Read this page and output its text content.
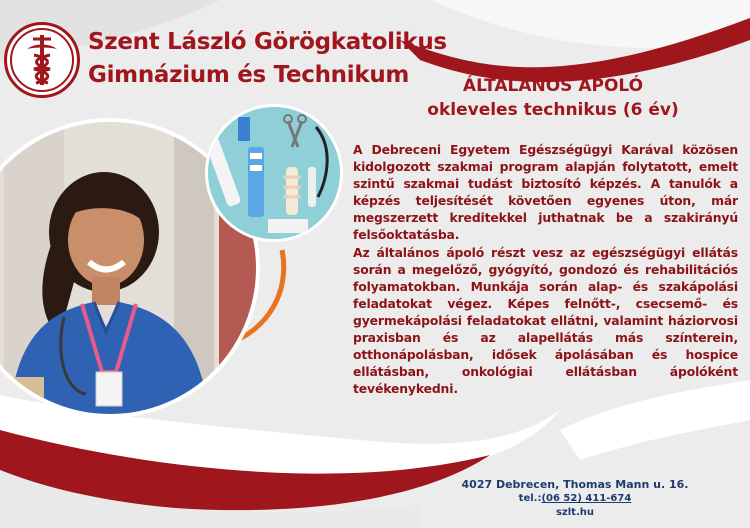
Szent László Görögkatolikus
Gimnázium és Technikum	ÁLTALÁNOS ÁPOLÓ
okleveles technikus (6 év)

A Debreceni Egyetem Egészségügyi Karával közösen kidolgozott szakmai program alapján folytatott, emelt szintű szakmai tudást biztosító képzés. A tanulók a képzés teljesítését követően egyenes úton, már megszerzett kreditekkel juthatnak be a szakirányú felsőoktatásba.

Az általános ápoló részt vesz az egészségügyi ellátás során a megelőző, gyógyító, gondozó és rehabilitációs folyamatokban. Munkája során alap- és szakápolási feladatokat végez. Képes felnőtt-, csecsemő- és gyermekápolási feladatokat ellátni, valamint háziorvosi praxisban és az alapellátás más színterein, otthonápolásban, idősek ápolásában és hospice ellátásban, onkológiai ellátásban ápolóként tevékenykedni.

4027 Debrecen, Thomas Mann u. 16.
tel.:(06 52) 411-674
szlt.hu
